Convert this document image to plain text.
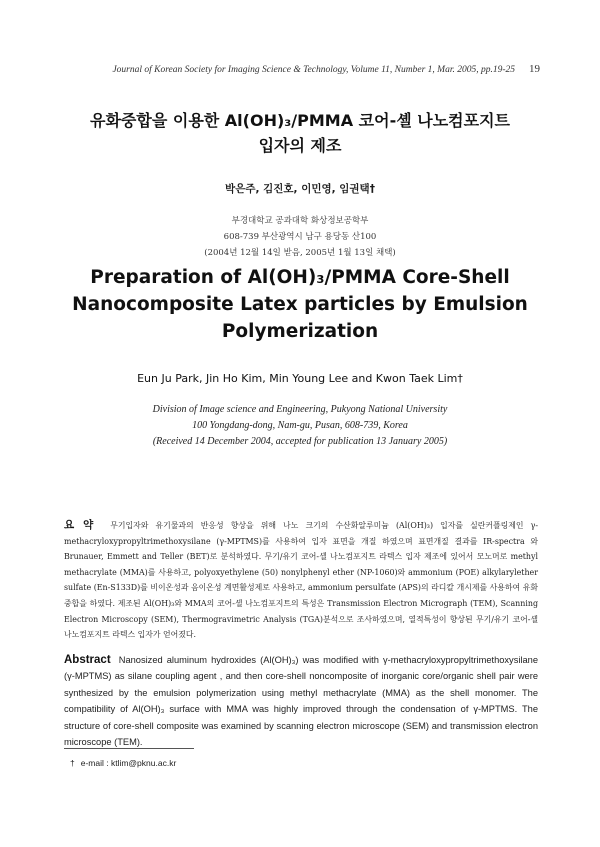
Journal of Korean Society for Imaging Science & Technology, Volume 11, Number 1, Mar. 2005, pp.19-25 19
유화중합을 이용한 Al(OH)₃/PMMA 코어-셸 나노컴포지트
입자의 제조
박은주, 김진호, 이민영, 임권택†
부경대학교 공과대학 화상정보공학부
608-739 부산광역시 남구 용당동 산100
(2004년 12월 14일 받음, 2005년 1월 13일 채택)
Preparation of Al(OH)₃/PMMA Core-Shell
Nanocomposite Latex particles by Emulsion
Polymerization
Eun Ju Park, Jin Ho Kim, Min Young Lee and Kwon Taek Lim†
Division of Image science and Engineering, Pukyong National University
100 Yongdang-dong, Nam-gu, Pusan, 608-739, Korea
(Received 14 December 2004, accepted for publication 13 January 2005)
요약 무기입자와 유기물과의 반응성 향상을 위해 나노 크기의 수산화알루미늄 (Al(OH)₃) 입자를 실란커플링제인 γ-methacryloxypropyltrimethoxysilane (γ-MPTMS)를 사용하여 입자 표면을 개질 하였으며 표면개질 결과를 IR-spectra 와 Brunauer, Emmett and Teller (BET)로 분석하였다. 무기/유기 코어-셸 나노컴포지트 라텍스 입자 제조에 있어서 모노머로 methyl methacrylate (MMA)를 사용하고, polyoxyethylene (50) nonylphenyl ether (NP-1060)와 ammonium (POE) alkylarylether sulfate (En-S133D)를 비이온성과 음이온성 계면활성제로 사용하고, ammonium persulfate (APS)의 라디칼 개시제를 사용하여 유화중합을 하였다. 제조된 Al(OH)₃와 MMA의 코어-셸 나노컴포지트의 특성은 Transmission Electron Micrograph (TEM), Scanning Electron Microscopy (SEM), Thermogravimetric Analysis (TGA)분석으로 조사하였으며, 열적특성이 향상된 무기/유기 코어-셸 나노컴포지트 라텍스 입자가 얻어졌다.
Abstract Nanosized aluminum hydroxides (Al(OH)₃) was modified with γ-methacryloxypropyltrimethoxysilane (γ-MPTMS) as silane coupling agent , and then core-shell noncomposite of inorganic core/organic shell pair were synthesized by the emulsion polymerization using methyl methacrylate (MMA) as the shell monomer. The compatibility of Al(OH)₃ surface with MMA was highly improved through the condensation of γ-MPTMS. The structure of core-shell composite was examined by scanning electron microscope (SEM) and transmission electron microscope (TEM).
† e-mail : ktlim@pknu.ac.kr
